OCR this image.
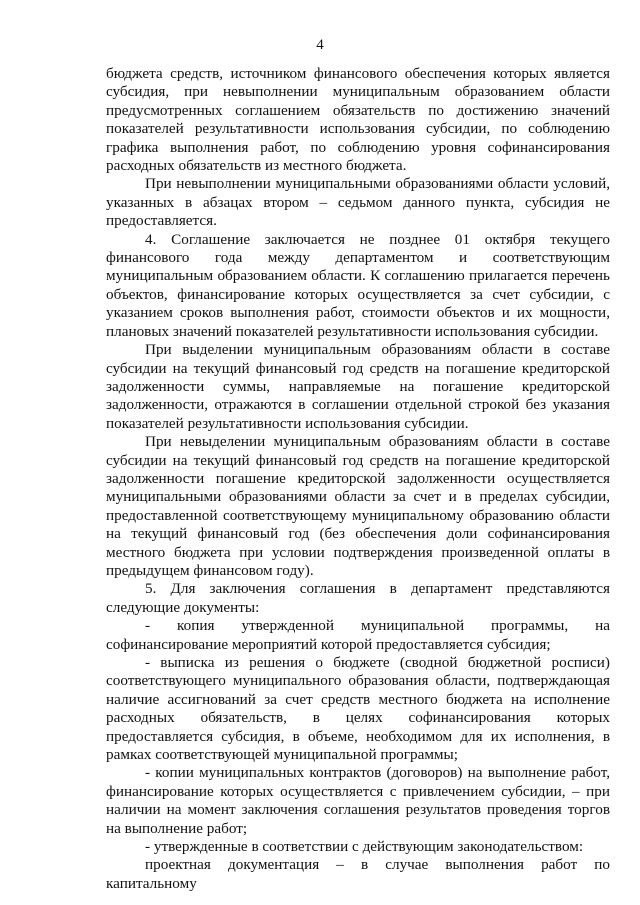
4

бюджета средств, источником финансового обеспечения которых является субсидия, при невыполнении муниципальным образованием области предусмотренных соглашением обязательств по достижению значений показателей результативности использования субсидии, по соблюдению графика выполнения работ, по соблюдению уровня софинансирования расходных обязательств из местного бюджета.

При невыполнении муниципальными образованиями области условий, указанных в абзацах втором – седьмом данного пункта, субсидия не предоставляется.

4. Соглашение заключается не позднее 01 октября текущего финансового года между департаментом и соответствующим муниципальным образованием области. К соглашению прилагается перечень объектов, финансирование которых осуществляется за счет субсидии, с указанием сроков выполнения работ, стоимости объектов и их мощности, плановых значений показателей результативности использования субсидии.

При выделении муниципальным образованиям области в составе субсидии на текущий финансовый год средств на погашение кредиторской задолженности суммы, направляемые на погашение кредиторской задолженности, отражаются в соглашении отдельной строкой без указания показателей результативности использования субсидии.

При невыделении муниципальным образованиям области в составе субсидии на текущий финансовый год средств на погашение кредиторской задолженности погашение кредиторской задолженности осуществляется муниципальными образованиями области за счет и в пределах субсидии, предоставленной соответствующему муниципальному образованию области на текущий финансовый год (без обеспечения доли софинансирования местного бюджета при условии подтверждения произведенной оплаты в предыдущем финансовом году).

5. Для заключения соглашения в департамент представляются следующие документы:

- копия утвержденной муниципальной программы, на софинансирование мероприятий которой предоставляется субсидия;

- выписка из решения о бюджете (сводной бюджетной росписи) соответствующего муниципального образования области, подтверждающая наличие ассигнований за счет средств местного бюджета на исполнение расходных обязательств, в целях софинансирования которых предоставляется субсидия, в объеме, необходимом для их исполнения, в рамках соответствующей муниципальной программы;

- копии муниципальных контрактов (договоров) на выполнение работ, финансирование которых осуществляется с привлечением субсидии, – при наличии на момент заключения соглашения результатов проведения торгов на выполнение работ;

- утвержденные в соответствии с действующим законодательством:

проектная документация – в случае выполнения работ по капитальному
